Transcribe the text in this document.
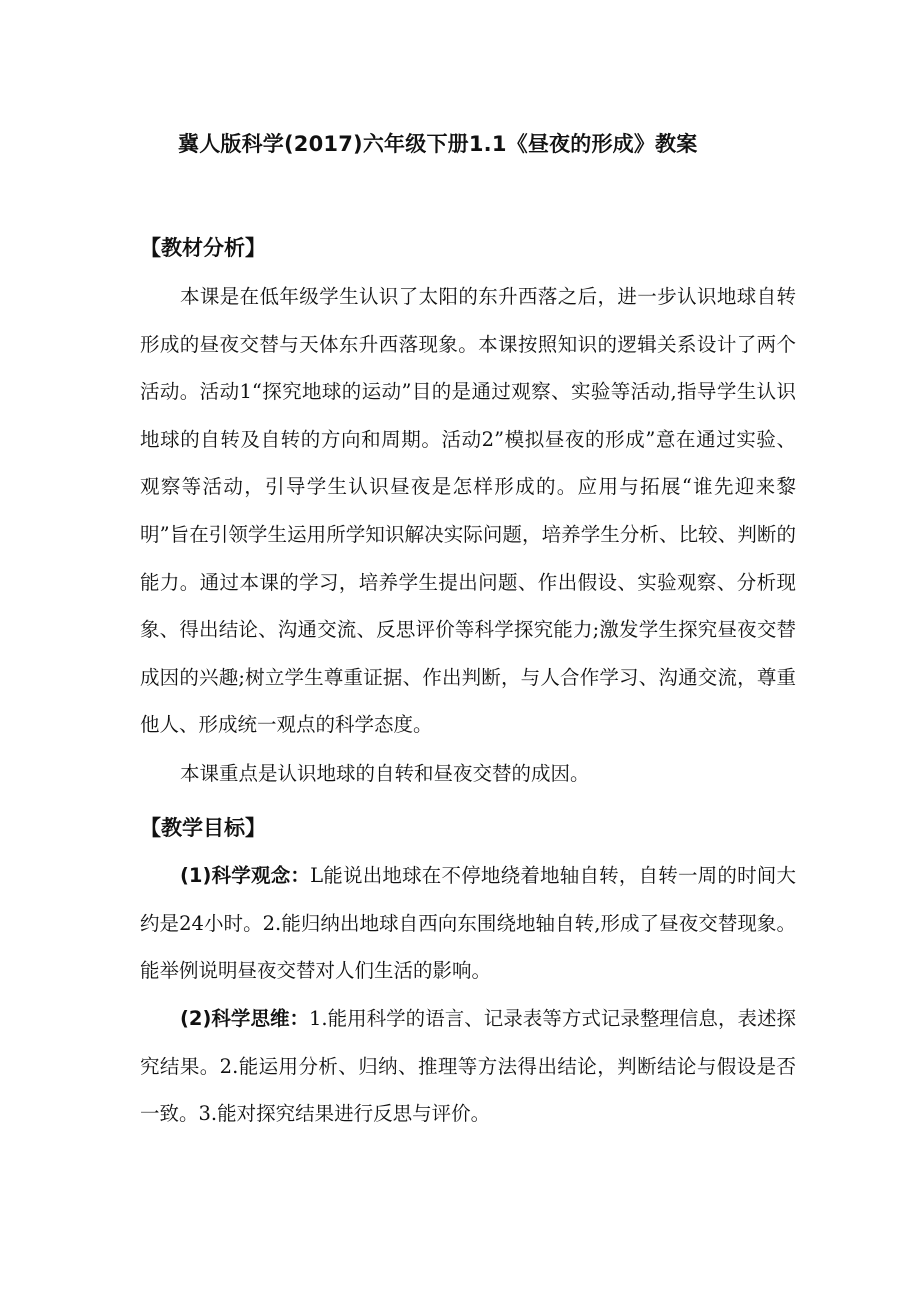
冀人版科学(2017)六年级下册1.1《昼夜的形成》教案
【教材分析】

本课是在低年级学生认识了太阳的东升西落之后，进一步认识地球自转形成的昼夜交替与天体东升西落现象。本课按照知识的逻辑关系设计了两个活动。活动1“探究地球的运动”目的是通过观察、实验等活动,指导学生认识地球的自转及自转的方向和周期。活动2”模拟昼夜的形成”意在通过实验、观察等活动，引导学生认识昼夜是怎样形成的。应用与拓展“谁先迎来黎明”旨在引领学生运用所学知识解决实际问题，培养学生分析、比较、判断的能力。通过本课的学习，培养学生提出问题、作出假设、实验观察、分析现象、得出结论、沟通交流、反思评价等科学探究能力;激发学生探究昼夜交替成因的兴趣;树立学生尊重证据、作出判断，与人合作学习、沟通交流，尊重他人、形成统一观点的科学态度。

本课重点是认识地球的自转和昼夜交替的成因。

【教学目标】

(1)科学观念：L能说出地球在不停地绕着地轴自转，自转一周的时间大约是24小时。2.能归纳出地球自西向东围绕地轴自转,形成了昼夜交替现象。能举例说明昼夜交替对人们生活的影响。

(2)科学思维：1.能用科学的语言、记录表等方式记录整理信息，表述探究结果。2.能运用分析、归纳、推理等方法得出结论，判断结论与假设是否一致。3.能对探究结果进行反思与评价。
